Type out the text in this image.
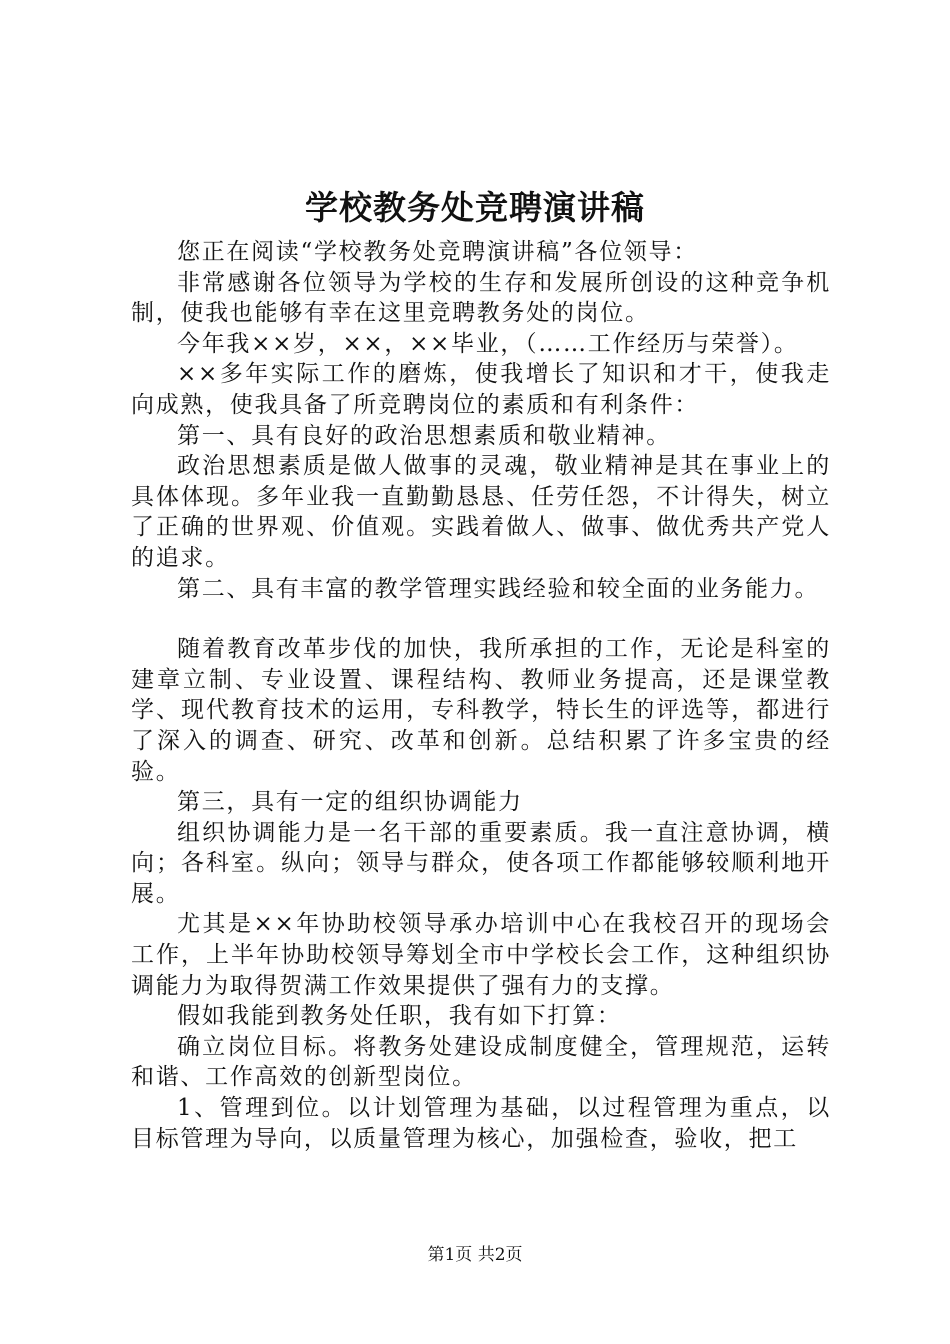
学校教务处竞聘演讲稿

您正在阅读“学校教务处竞聘演讲稿”各位领导：

非常感谢各位领导为学校的生存和发展所创设的这种竞争机制，使我也能够有幸在这里竞聘教务处的岗位。

今年我××岁，××，××毕业，（……工作经历与荣誉）。

××多年实际工作的磨炼，使我增长了知识和才干，使我走向成熟，使我具备了所竞聘岗位的素质和有利条件：

第一、具有良好的政治思想素质和敬业精神。

政治思想素质是做人做事的灵魂，敬业精神是其在事业上的具体体现。多年业我一直勤勤恳恳、任劳任怨，不计得失，树立了正确的世界观、价值观。实践着做人、做事、做优秀共产党人的追求。

第二、具有丰富的教学管理实践经验和较全面的业务能力。

随着教育改革步伐的加快，我所承担的工作，无论是科室的建章立制、专业设置、课程结构、教师业务提高，还是课堂教学、现代教育技术的运用，专科教学，特长生的评选等，都进行了深入的调查、研究、改革和创新。总结积累了许多宝贵的经验。

第三，具有一定的组织协调能力

组织协调能力是一名干部的重要素质。我一直注意协调，横向；各科室。纵向；领导与群众，使各项工作都能够较顺利地开展。

尤其是××年协助校领导承办培训中心在我校召开的现场会工作，上半年协助校领导筹划全市中学校长会工作，这种组织协调能力为取得贺满工作效果提供了强有力的支撑。

假如我能到教务处任职，我有如下打算：

确立岗位目标。将教务处建设成制度健全，管理规范，运转和谐、工作高效的创新型岗位。

1、管理到位。以计划管理为基础，以过程管理为重点，以目标管理为导向，以质量管理为核心，加强检查，验收，把工

第1页 共2页
